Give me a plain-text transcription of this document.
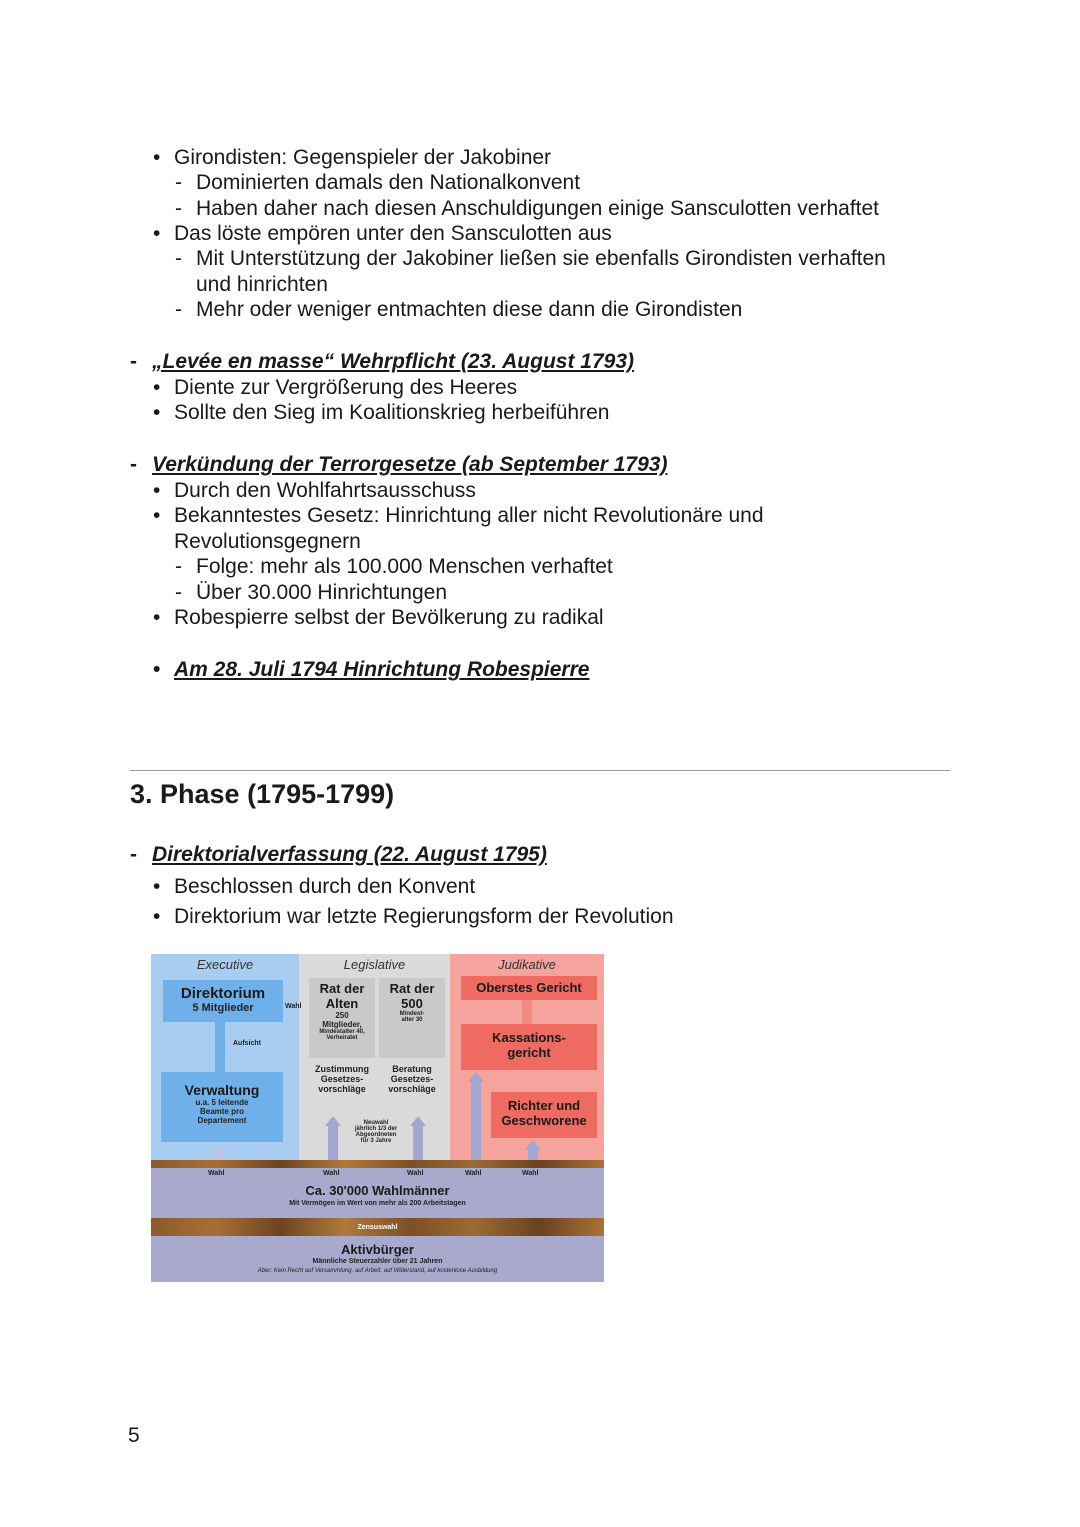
• Girondisten: Gegenspieler der Jakobiner
- Dominierten damals den Nationalkonvent
- Haben daher nach diesen Anschuldigungen einige Sansculotten verhaftet
• Das löste empören unter den Sansculotten aus
- Mit Unterstützung der Jakobiner ließen sie ebenfalls Girondisten verhaften
und hinrichten
- Mehr oder weniger entmachten diese dann die Girondisten
- „Levée en masse“ Wehrpflicht (23. August 1793)
• Diente zur Vergrößerung des Heeres
• Sollte den Sieg im Koalitionskrieg herbeiführen
- Verkündung der Terrorgesetze (ab September 1793)
• Durch den Wohlfahrtsausschuss
• Bekanntestes Gesetz: Hinrichtung aller nicht Revolutionäre und
Revolutionsgegnern
- Folge: mehr als 100.000 Menschen verhaftet
- Über 30.000 Hinrichtungen
• Robespierre selbst der Bevölkerung zu radikal
• Am 28. Juli 1794 Hinrichtung Robespierre
3. Phase (1795-1799)
- Direktorialverfassung (22. August 1795)
• Beschlossen durch den Konvent
• Direktorium war letzte Regierungsform der Revolution
Executive	Legislative	Judikative
Direktorium
5 Mitglieder	Wahl
Aufsicht
Verwaltung
u.a. 5 leitende
Beamte pro
Departement
Rat der
Alten
250
Mitglieder,
Mindestalter 40,
Verheiratet
Rat der
500
Mindest-
alter 30
Zustimmung
Gesetzes-
vorschläge
Beratung
Gesetzes-
vorschläge
Neuwahl
jährlich 1/3 der
Abgeordneten
für 3 Jahre
Oberstes Gericht
Kassations-
gericht
Richter und
Geschworene
Wahl	Wahl	Wahl	Wahl	Wahl
Ca. 30'000 Wahlmänner
Mit Vermögen im Wert von mehr als 200 Arbeitstagen
Zensuswahl
Aktivbürger
Männliche Steuerzahler über 21 Jahren
Aber: Kein Recht auf Versammlung, auf Arbeit, auf Widerstand, auf kostenlose Ausbildung
5
